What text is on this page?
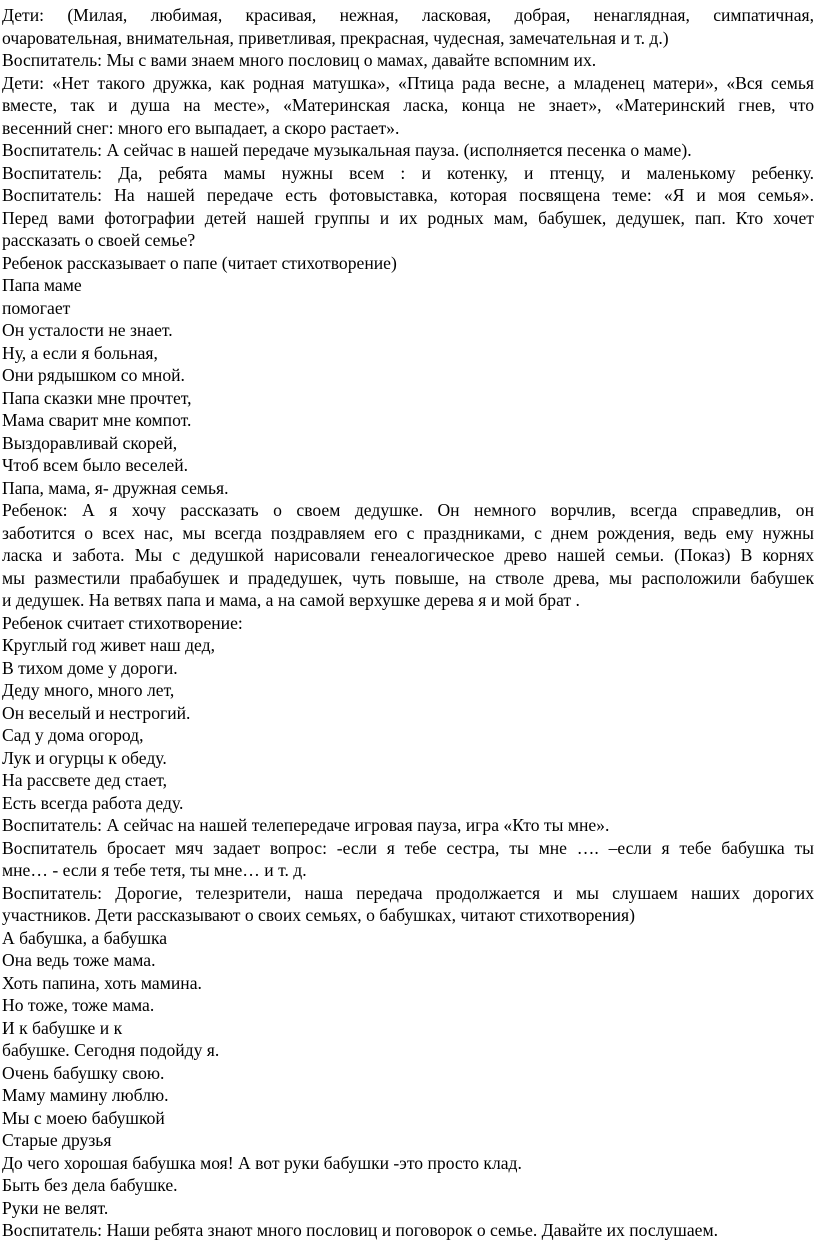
Дети: (Милая, любимая, красивая, нежная, ласковая, добрая, ненаглядная, симпатичная,
очаровательная, внимательная, приветливая, прекрасная, чудесная, замечательная и т. д.)
Воспитатель: Мы с вами знаем много пословиц о мамах, давайте вспомним их.
Дети: «Нет такого дружка, как родная матушка», «Птица рада весне, а младенец матери», «Вся семья
вместе, так и душа на месте», «Материнская ласка, конца не знает», «Материнский гнев, что
весенний снег: много его выпадает, а скоро растает».
Воспитатель: А сейчас в нашей передаче музыкальная пауза. (исполняется песенка о маме).
Воспитатель: Да, ребята мамы нужны всем : и котенку, и птенцу, и маленькому ребенку.
Воспитатель: На нашей передаче есть фотовыставка, которая посвящена теме: «Я и моя семья».
Перед вами фотографии детей нашей группы и их родных мам, бабушек, дедушек, пап. Кто хочет
рассказать о своей семье?
Ребенок рассказывает о папе (читает стихотворение)
Папа маме
помогает
Он усталости не знает.
Ну, а если я больная,
Они рядышком со мной.
Папа сказки мне прочтет,
Мама сварит мне компот.
Выздоравливай скорей,
Чтоб всем было веселей.
Папа, мама, я- дружная семья.
Ребенок: А я хочу рассказать о своем дедушке. Он немного ворчлив, всегда справедлив, он
заботится о всех нас, мы всегда поздравляем его с праздниками, с днем рождения, ведь ему нужны
ласка и забота. Мы с дедушкой нарисовали генеалогическое древо нашей семьи. (Показ) В корнях
мы разместили прабабушек и прадедушек, чуть повыше, на стволе древа, мы расположили бабушек
и дедушек. На ветвях папа и мама, а на самой верхушке дерева я и мой брат .
Ребенок считает стихотворение:
Круглый год живет наш дед,
В тихом доме у дороги.
Деду много, много лет,
Он веселый и нестрогий.
Сад у дома огород,
Лук и огурцы к обеду.
На рассвете дед стает,
Есть всегда работа деду.
Воспитатель: А сейчас на нашей телепередаче игровая пауза, игра «Кто ты мне».
Воспитатель бросает мяч задает вопрос: -если я тебе сестра, ты мне …. –если я тебе бабушка ты
мне… - если я тебе тетя, ты мне… и т. д.
Воспитатель: Дорогие, телезрители, наша передача продолжается и мы слушаем наших дорогих
участников. Дети рассказывают о своих семьях, о бабушках, читают стихотворения)
А бабушка, а бабушка
Она ведь тоже мама.
Хоть папина, хоть мамина.
Но тоже, тоже мама.
И к бабушке и к
бабушке. Сегодня подойду я.
Очень бабушку свою.
Маму мамину люблю.
Мы с моею бабушкой
Старые друзья
До чего хорошая бабушка моя! А вот руки бабушки -это просто клад.
Быть без дела бабушке.
Руки не велят.
Воспитатель: Наши ребята знают много пословиц и поговорок о семье. Давайте их послушаем.
